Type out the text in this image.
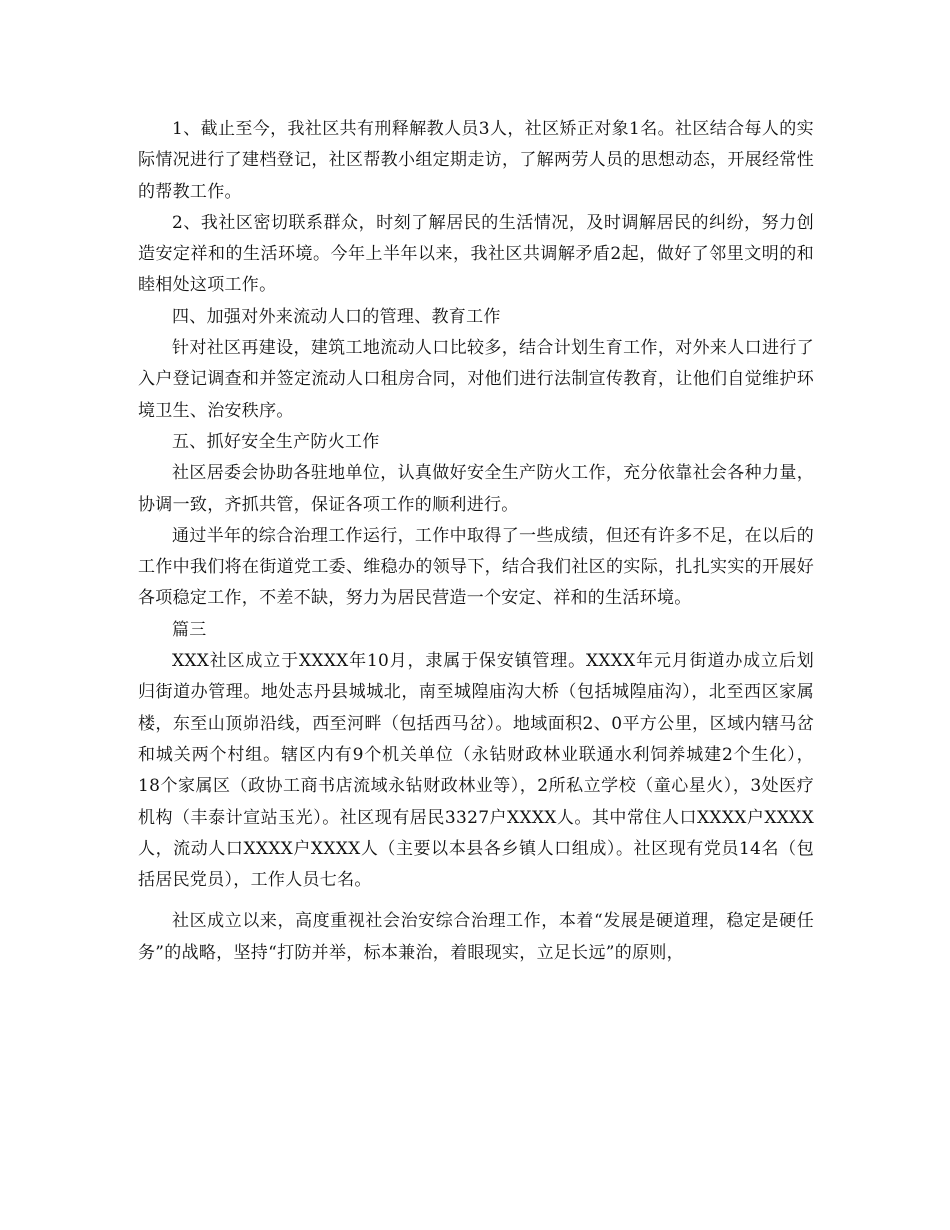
1、截止至今，我社区共有刑释解教人员3人，社区矫正对象1名。社区结合每人的实际情况进行了建档登记，社区帮教小组定期走访，了解两劳人员的思想动态，开展经常性的帮教工作。

2、我社区密切联系群众，时刻了解居民的生活情况，及时调解居民的纠纷，努力创造安定祥和的生活环境。今年上半年以来，我社区共调解矛盾2起，做好了邻里文明的和睦相处这项工作。

四、加强对外来流动人口的管理、教育工作

针对社区再建设，建筑工地流动人口比较多，结合计划生育工作，对外来人口进行了入户登记调查和并签定流动人口租房合同，对他们进行法制宣传教育，让他们自觉维护环境卫生、治安秩序。

五、抓好安全生产防火工作

社区居委会协助各驻地单位，认真做好安全生产防火工作，充分依靠社会各种力量，协调一致，齐抓共管，保证各项工作的顺利进行。

通过半年的综合治理工作运行，工作中取得了一些成绩，但还有许多不足，在以后的工作中我们将在街道党工委、维稳办的领导下，结合我们社区的实际，扎扎实实的开展好各项稳定工作，不差不缺，努力为居民营造一个安定、祥和的生活环境。

篇三

XXX社区成立于XXXX年10月，隶属于保安镇管理。XXXX年元月街道办成立后划归街道办管理。地处志丹县城城北，南至城隍庙沟大桥（包括城隍庙沟），北至西区家属楼，东至山顶峁沿线，西至河畔（包括西马岔）。地域面积2、0平方公里，区域内辖马岔和城关两个村组。辖区内有9个机关单位（永钻财政林业联通水利饲养城建2个生化），18个家属区（政协工商书店流域永钻财政林业等），2所私立学校（童心星火），3处医疗机构（丰泰计宣站玉光）。社区现有居民3327户XXXX人。其中常住人口XXXX户XXXX人，流动人口XXXX户XXXX人（主要以本县各乡镇人口组成）。社区现有党员14名（包括居民党员），工作人员七名。

社区成立以来，高度重视社会治安综合治理工作，本着“发展是硬道理，稳定是硬任务”的战略，坚持“打防并举，标本兼治，着眼现实，立足长远”的原则，
